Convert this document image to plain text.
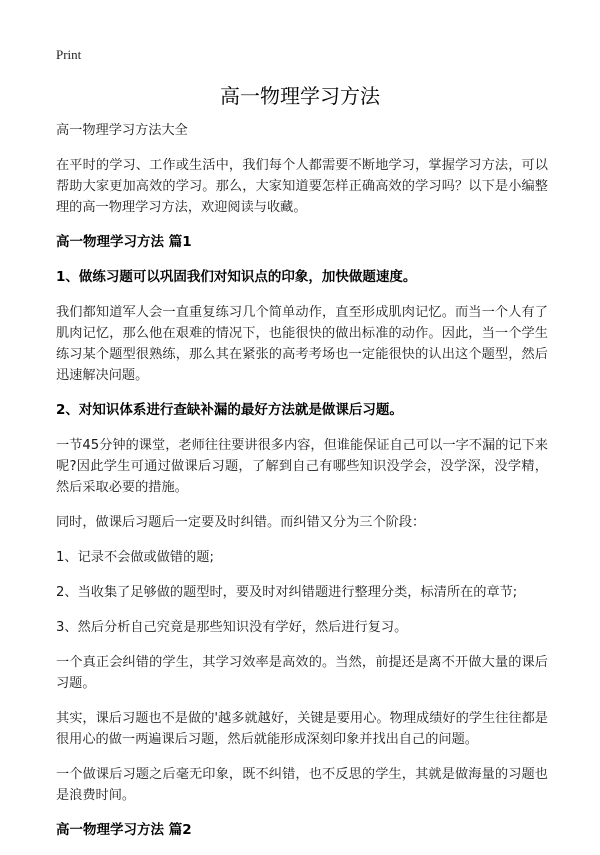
Print
高一物理学习方法

高一物理学习方法大全

在平时的学习、工作或生活中，我们每个人都需要不断地学习，掌握学习方法，可以帮助大家更加高效的学习。那么，大家知道要怎样正确高效的学习吗？以下是小编整理的高一物理学习方法，欢迎阅读与收藏。

高一物理学习方法 篇1

1、做练习题可以巩固我们对知识点的印象，加快做题速度。

我们都知道军人会一直重复练习几个简单动作，直至形成肌肉记忆。而当一个人有了肌肉记忆，那么他在艰难的情况下，也能很快的做出标准的动作。因此，当一个学生练习某个题型很熟练，那么其在紧张的高考考场也一定能很快的认出这个题型，然后迅速解决问题。

2、对知识体系进行查缺补漏的最好方法就是做课后习题。

一节45分钟的课堂，老师往往要讲很多内容，但谁能保证自己可以一字不漏的记下来呢?因此学生可通过做课后习题，了解到自己有哪些知识没学会，没学深，没学精，然后采取必要的措施。

同时，做课后习题后一定要及时纠错。而纠错又分为三个阶段：

1、记录不会做或做错的题;

2、当收集了足够做的题型时，要及时对纠错题进行整理分类，标清所在的章节;

3、然后分析自己究竟是那些知识没有学好，然后进行复习。

一个真正会纠错的学生，其学习效率是高效的。当然，前提还是离不开做大量的课后习题。

其实，课后习题也不是做的'越多就越好，关键是要用心。物理成绩好的学生往往都是很用心的做一两遍课后习题，然后就能形成深刻印象并找出自己的问题。

一个做课后习题之后毫无印象，既不纠错，也不反思的学生，其就是做海量的习题也是浪费时间。

高一物理学习方法 篇2
